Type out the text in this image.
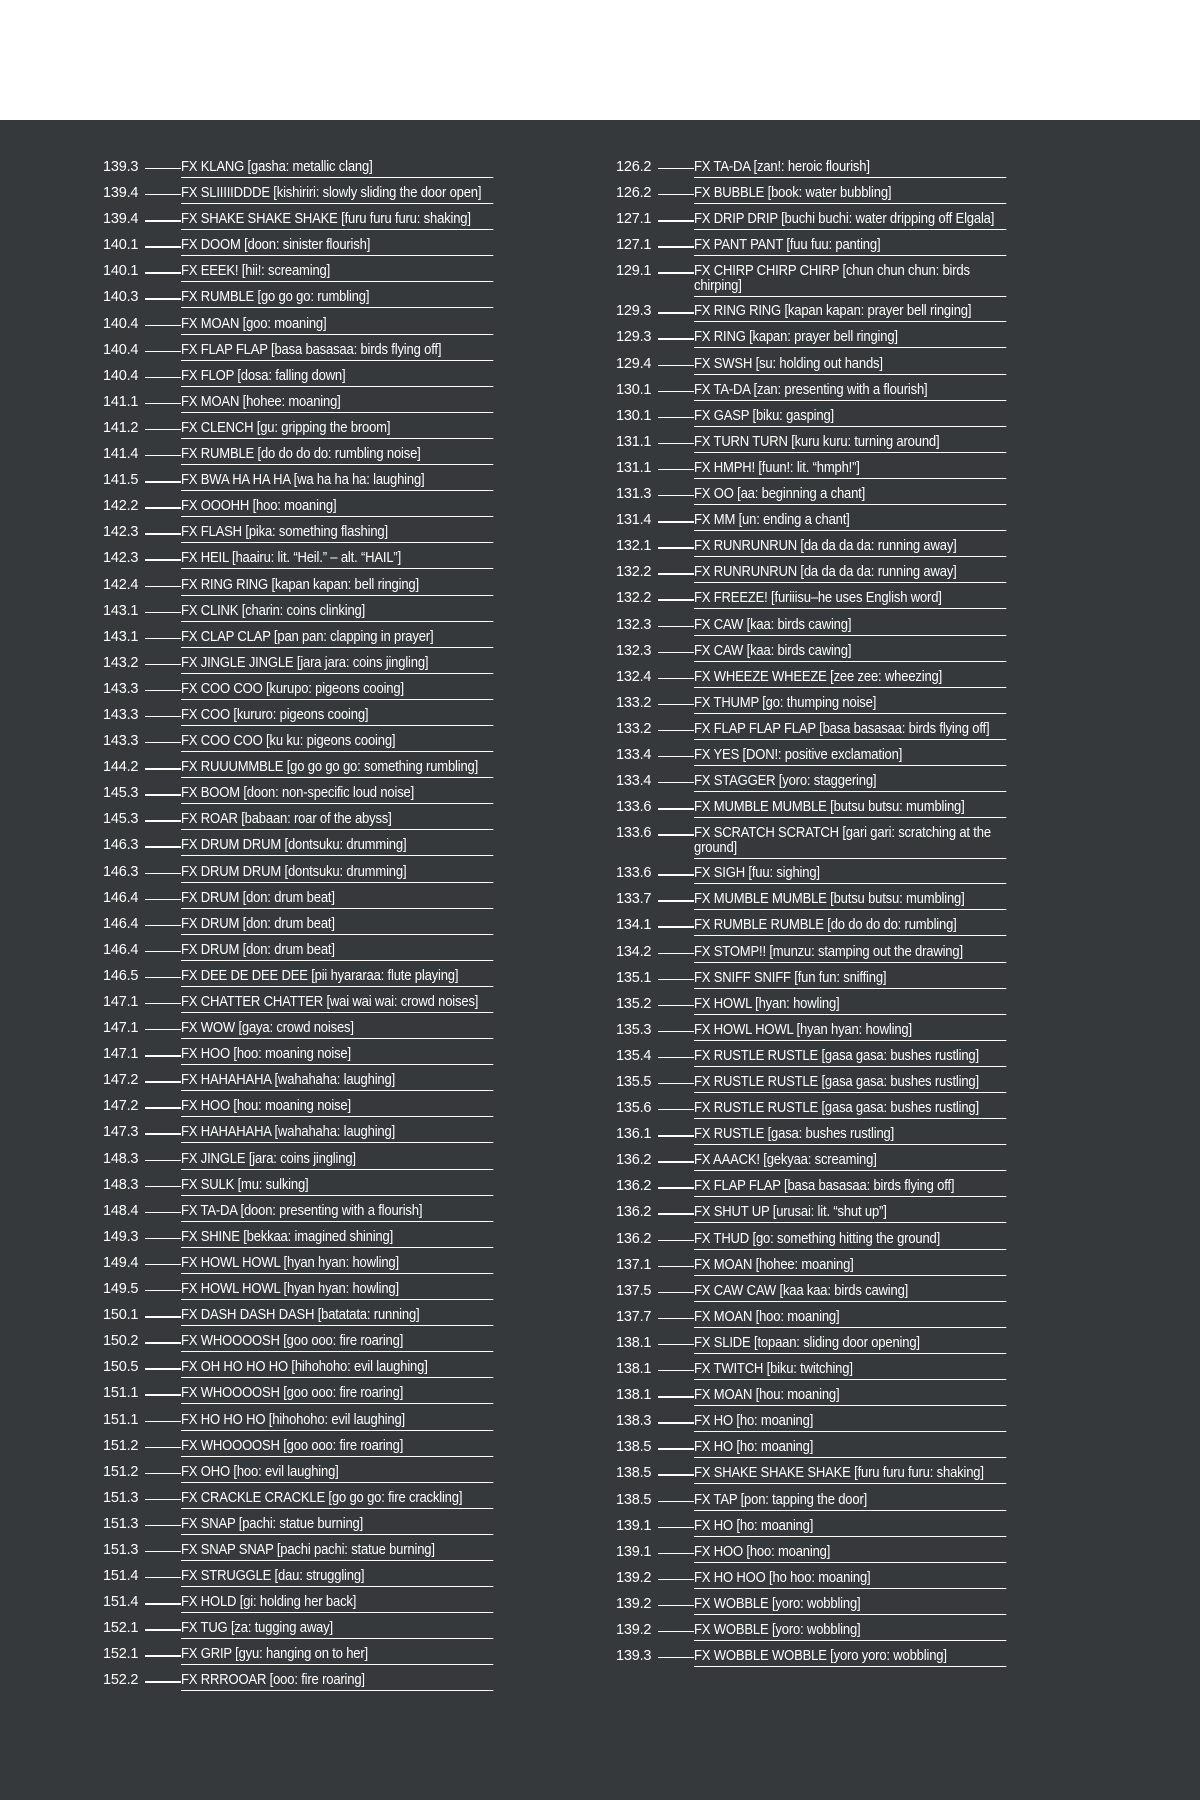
139.3	FX KLANG [gasha: metallic clang]
139.4	FX SLIIIIIDDDE [kishiriri: slowly sliding the door open]
139.4	FX SHAKE SHAKE SHAKE [furu furu furu: shaking]
140.1	FX DOOM [doon: sinister flourish]
140.1	FX EEEK! [hii!: screaming]
140.3	FX RUMBLE [go go go: rumbling]
140.4	FX MOAN [goo: moaning]
140.4	FX FLAP FLAP [basa basasaa: birds flying off]
140.4	FX FLOP [dosa: falling down]
141.1	FX MOAN [hohee: moaning]
141.2	FX CLENCH [gu: gripping the broom]
141.4	FX RUMBLE [do do do do: rumbling noise]
141.5	FX BWA HA HA HA [wa ha ha ha: laughing]
142.2	FX OOOHH [hoo: moaning]
142.3	FX FLASH [pika: something flashing]
142.3	FX HEIL [haairu: lit. “Heil.” – alt. “HAIL”]
142.4	FX RING RING [kapan kapan: bell ringing]
143.1	FX CLINK [charin: coins clinking]
143.1	FX CLAP CLAP [pan pan: clapping in prayer]
143.2	FX JINGLE JINGLE [jara jara: coins jingling]
143.3	FX COO COO [kurupo: pigeons cooing]
143.3	FX COO [kururo: pigeons cooing]
143.3	FX COO COO [ku ku: pigeons cooing]
144.2	FX RUUUMMBLE [go go go go: something rumbling]
145.3	FX BOOM [doon: non-specific loud noise]
145.3	FX ROAR [babaan: roar of the abyss]
146.3	FX DRUM DRUM [dontsuku: drumming]
146.3	FX DRUM DRUM [dontsuku: drumming]
146.4	FX DRUM [don: drum beat]
146.4	FX DRUM [don: drum beat]
146.4	FX DRUM [don: drum beat]
146.5	FX DEE DE DEE DEE [pii hyararaa: flute playing]
147.1	FX CHATTER CHATTER [wai wai wai: crowd noises]
147.1	FX WOW [gaya: crowd noises]
147.1	FX HOO [hoo: moaning noise]
147.2	FX HAHAHAHA [wahahaha: laughing]
147.2	FX HOO [hou: moaning noise]
147.3	FX HAHAHAHA [wahahaha: laughing]
148.3	FX JINGLE [jara: coins jingling]
148.3	FX SULK [mu: sulking]
148.4	FX TA-DA [doon: presenting with a flourish]
149.3	FX SHINE [bekkaa: imagined shining]
149.4	FX HOWL HOWL [hyan hyan: howling]
149.5	FX HOWL HOWL [hyan hyan: howling]
150.1	FX DASH DASH DASH [batatata: running]
150.2	FX WHOOOOSH [goo ooo: fire roaring]
150.5	FX OH HO HO HO [hihohoho: evil laughing]
151.1	FX WHOOOOSH [goo ooo: fire roaring]
151.1	FX HO HO HO [hihohoho: evil laughing]
151.2	FX WHOOOOSH [goo ooo: fire roaring]
151.2	FX OHO [hoo: evil laughing]
151.3	FX CRACKLE CRACKLE [go go go: fire crackling]
151.3	FX SNAP [pachi: statue burning]
151.3	FX SNAP SNAP [pachi pachi: statue burning]
151.4	FX STRUGGLE [dau: struggling]
151.4	FX HOLD [gi: holding her back]
152.1	FX TUG [za: tugging away]
152.1	FX GRIP [gyu: hanging on to her]
152.2	FX RRROOAR [ooo: fire roaring]
126.2	FX TA-DA [zan!: heroic flourish]
126.2	FX BUBBLE [book: water bubbling]
127.1	FX DRIP DRIP [buchi buchi: water dripping off Elgala]
127.1	FX PANT PANT [fuu fuu: panting]
129.1	FX CHIRP CHIRP CHIRP [chun chun chun: birds chirping]
129.3	FX RING RING [kapan kapan: prayer bell ringing]
129.3	FX RING [kapan: prayer bell ringing]
129.4	FX SWSH [su: holding out hands]
130.1	FX TA-DA [zan: presenting with a flourish]
130.1	FX GASP [biku: gasping]
131.1	FX TURN TURN [kuru kuru: turning around]
131.1	FX HMPH! [fuun!: lit. “hmph!”]
131.3	FX OO [aa: beginning a chant]
131.4	FX MM [un: ending a chant]
132.1	FX RUNRUNRUN [da da da da: running away]
132.2	FX RUNRUNRUN [da da da da: running away]
132.2	FX FREEZE! [furiiisu–he uses English word]
132.3	FX CAW [kaa: birds cawing]
132.3	FX CAW [kaa: birds cawing]
132.4	FX WHEEZE WHEEZE [zee zee: wheezing]
133.2	FX THUMP [go: thumping noise]
133.2	FX FLAP FLAP FLAP [basa basasaa: birds flying off]
133.4	FX YES [DON!: positive exclamation]
133.4	FX STAGGER [yoro: staggering]
133.6	FX MUMBLE MUMBLE [butsu butsu: mumbling]
133.6	FX SCRATCH SCRATCH [gari gari: scratching at the ground]
133.6	FX SIGH [fuu: sighing]
133.7	FX MUMBLE MUMBLE [butsu butsu: mumbling]
134.1	FX RUMBLE RUMBLE [do do do do: rumbling]
134.2	FX STOMP!! [munzu: stamping out the drawing]
135.1	FX SNIFF SNIFF [fun fun: sniffing]
135.2	FX HOWL [hyan: howling]
135.3	FX HOWL HOWL [hyan hyan: howling]
135.4	FX RUSTLE RUSTLE [gasa gasa: bushes rustling]
135.5	FX RUSTLE RUSTLE [gasa gasa: bushes rustling]
135.6	FX RUSTLE RUSTLE [gasa gasa: bushes rustling]
136.1	FX RUSTLE [gasa: bushes rustling]
136.2	FX AAACK! [gekyaa: screaming]
136.2	FX FLAP FLAP [basa basasaa: birds flying off]
136.2	FX SHUT UP [urusai: lit. “shut up”]
136.2	FX THUD [go: something hitting the ground]
137.1	FX MOAN [hohee: moaning]
137.5	FX CAW CAW [kaa kaa: birds cawing]
137.7	FX MOAN [hoo: moaning]
138.1	FX SLIDE [topaan: sliding door opening]
138.1	FX TWITCH [biku: twitching]
138.1	FX MOAN [hou: moaning]
138.3	FX HO [ho: moaning]
138.5	FX HO [ho: moaning]
138.5	FX SHAKE SHAKE SHAKE [furu furu furu: shaking]
138.5	FX TAP [pon: tapping the door]
139.1	FX HO [ho: moaning]
139.1	FX HOO [hoo: moaning]
139.2	FX HO HOO [ho hoo: moaning]
139.2	FX WOBBLE [yoro: wobbling]
139.2	FX WOBBLE [yoro: wobbling]
139.3	FX WOBBLE WOBBLE [yoro yoro: wobbling]
